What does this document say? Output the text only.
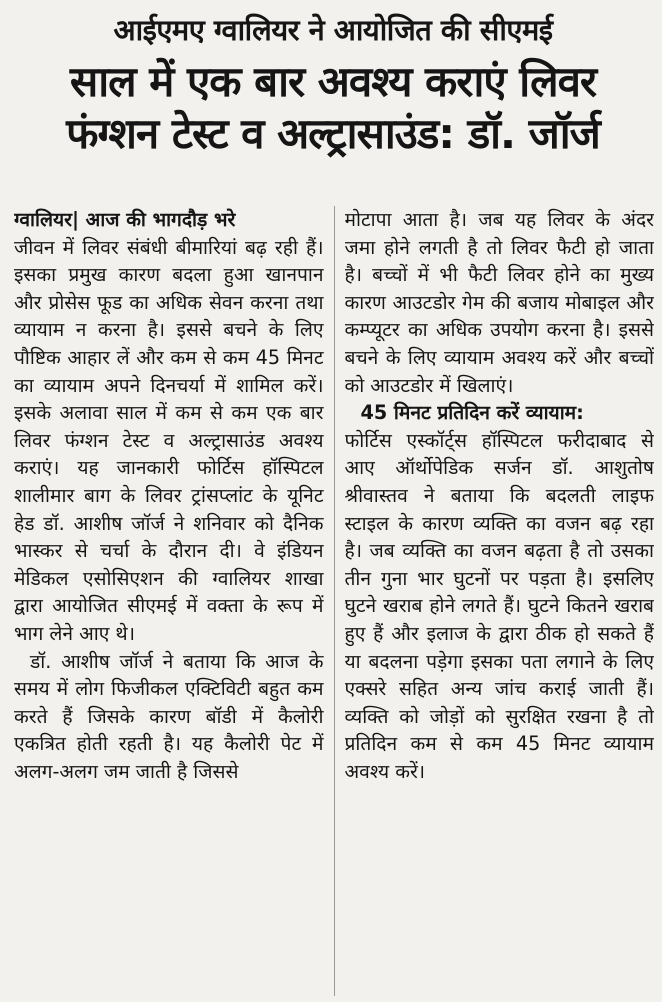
आईएमए ग्वालियर ने आयोजित की सीएमई
साल में एक बार अवश्य कराएं लिवर
फंग्शन टेस्ट व अल्ट्रासाउंड: डॉ. जॉर्ज

ग्वालियर| आज की भागदौड़ भरे

जीवन में लिवर संबंधी बीमारियां बढ़ रही हैं। इसका प्रमुख कारण बदला हुआ खानपान और प्रोसेस फूड का अधिक सेवन करना तथा व्यायाम न करना है। इससे बचने के लिए पौष्टिक आहार लें और कम से कम 45 मिनट का व्यायाम अपने दिनचर्या में शामिल करें। इसके अलावा साल में कम से कम एक बार लिवर फंग्शन टेस्ट व अल्ट्रासाउंड अवश्य कराएं। यह जानकारी फोर्टिस हॉस्पिटल शालीमार बाग के लिवर ट्रांसप्लांट के यूनिट हेड डॉ. आशीष जॉर्ज ने शनिवार को दैनिक भास्कर से चर्चा के दौरान दी। वे इंडियन मेडिकल एसोसिएशन की ग्वालियर शाखा द्वारा आयोजित सीएमई में वक्ता के रूप में भाग लेने आए थे।

डॉ. आशीष जॉर्ज ने बताया कि आज के समय में लोग फिजीकल एक्टिविटी बहुत कम करते हैं जिसके कारण बॉडी में कैलोरी एकत्रित होती रहती है। यह कैलोरी पेट में अलग-अलग जम जाती है जिससे

मोटापा आता है। जब यह लिवर के अंदर जमा होने लगती है तो लिवर फैटी हो जाता है। बच्चों में भी फैटी लिवर होने का मुख्य कारण आउटडोर गेम की बजाय मोबाइल और कम्प्यूटर का अधिक उपयोग करना है। इससे बचने के लिए व्यायाम अवश्य करें और बच्चों को आउटडोर में खिलाएं।

45 मिनट प्रतिदिन करें व्यायाम:

फोर्टिस एस्कॉर्ट्स हॉस्पिटल फरीदाबाद से आए ऑर्थोपेडिक सर्जन डॉ. आशुतोष श्रीवास्तव ने बताया कि बदलती लाइफ स्टाइल के कारण व्यक्ति का वजन बढ़ रहा है। जब व्यक्ति का वजन बढ़ता है तो उसका तीन गुना भार घुटनों पर पड़ता है। इसलिए घुटने खराब होने लगते हैं। घुटने कितने खराब हुए हैं और इलाज के द्वारा ठीक हो सकते हैं या बदलना पड़ेगा इसका पता लगाने के लिए एक्सरे सहित अन्य जांच कराई जाती हैं। व्यक्ति को जोड़ों को सुरक्षित रखना है तो प्रतिदिन कम से कम 45 मिनट व्यायाम अवश्य करें।
